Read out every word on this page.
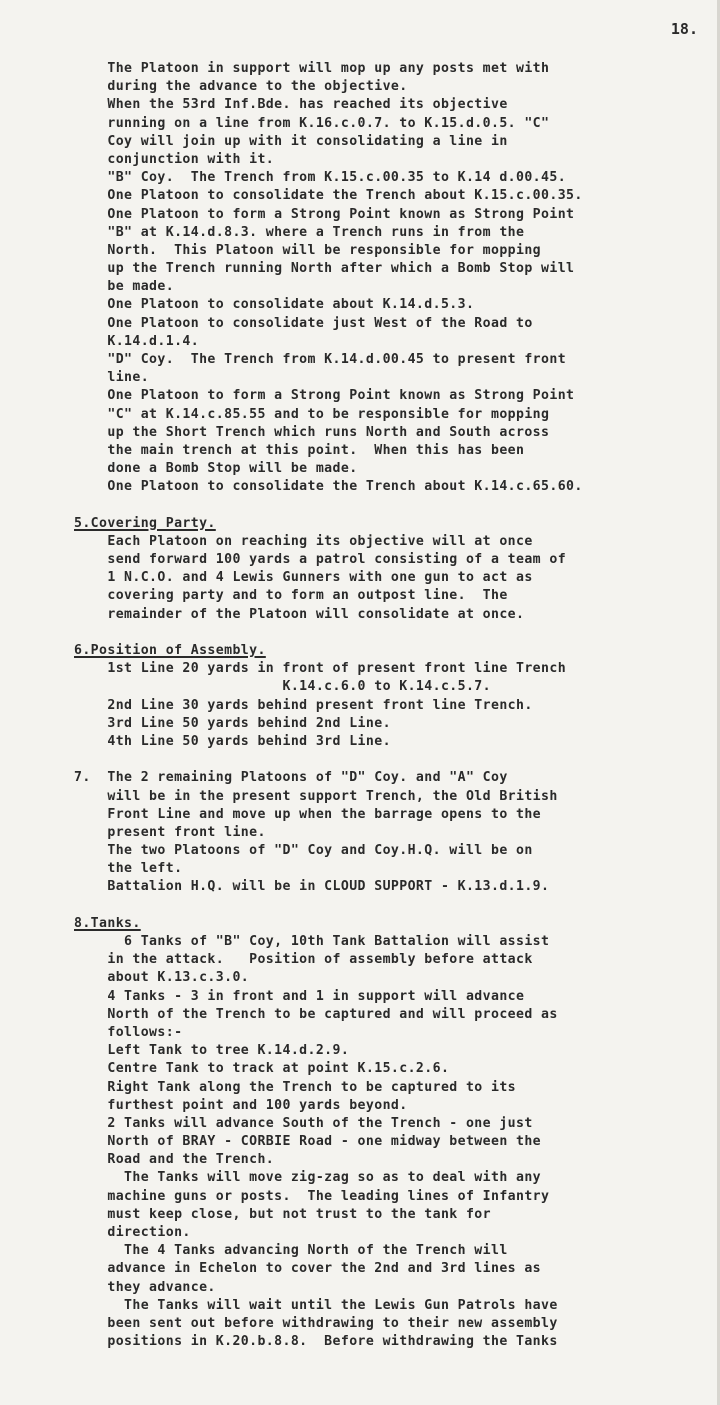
18.
The Platoon in support will mop up any posts met with
during the advance to the objective.
When the 53rd Inf.Bde. has reached its objective
running on a line from K.16.c.0.7. to K.15.d.0.5. "C"
Coy will join up with it consolidating a line in
conjunction with it.
"B" Coy.  The Trench from K.15.c.00.35 to K.14 d.00.45.
One Platoon to consolidate the Trench about K.15.c.00.35.
One Platoon to form a Strong Point known as Strong Point
"B" at K.14.d.8.3. where a Trench runs in from the
North.  This Platoon will be responsible for mopping
up the Trench running North after which a Bomb Stop will
be made.
One Platoon to consolidate about K.14.d.5.3.
One Platoon to consolidate just West of the Road to
K.14.d.1.4.
"D" Coy.  The Trench from K.14.d.00.45 to present front
line.
One Platoon to form a Strong Point known as Strong Point
"C" at K.14.c.85.55 and to be responsible for mopping
up the Short Trench which runs North and South across
the main trench at this point.  When this has been
done a Bomb Stop will be made.
One Platoon to consolidate the Trench about K.14.c.65.60.
5.Covering Party.
Each Platoon on reaching its objective will at once
send forward 100 yards a patrol consisting of a team of
1 N.C.O. and 4 Lewis Gunners with one gun to act as
covering party and to form an outpost line.  The
remainder of the Platoon will consolidate at once.
6.Position of Assembly.
1st Line 20 yards in front of present front line Trench
K.14.c.6.0 to K.14.c.5.7.
2nd Line 30 yards behind present front line Trench.
3rd Line 50 yards behind 2nd Line.
4th Line 50 yards behind 3rd Line.
7.  The 2 remaining Platoons of "D" Coy. and "A" Coy
will be in the present support Trench, the Old British
Front Line and move up when the barrage opens to the
present front line.
The two Platoons of "D" Coy and Coy.H.Q. will be on
the left.
Battalion H.Q. will be in CLOUD SUPPORT - K.13.d.1.9.
8.Tanks.
6 Tanks of "B" Coy, 10th Tank Battalion will assist
in the attack.   Position of assembly before attack
about K.13.c.3.0.
4 Tanks - 3 in front and 1 in support will advance
North of the Trench to be captured and will proceed as
follows:-
Left Tank to tree K.14.d.2.9.
Centre Tank to track at point K.15.c.2.6.
Right Tank along the Trench to be captured to its
furthest point and 100 yards beyond.
2 Tanks will advance South of the Trench - one just
North of BRAY - CORBIE Road - one midway between the
Road and the Trench.
The Tanks will move zig-zag so as to deal with any
machine guns or posts.  The leading lines of Infantry
must keep close, but not trust to the tank for
direction.
The 4 Tanks advancing North of the Trench will
advance in Echelon to cover the 2nd and 3rd lines as
they advance.
The Tanks will wait until the Lewis Gun Patrols have
been sent out before withdrawing to their new assembly
positions in K.20.b.8.8.  Before withdrawing the Tanks
